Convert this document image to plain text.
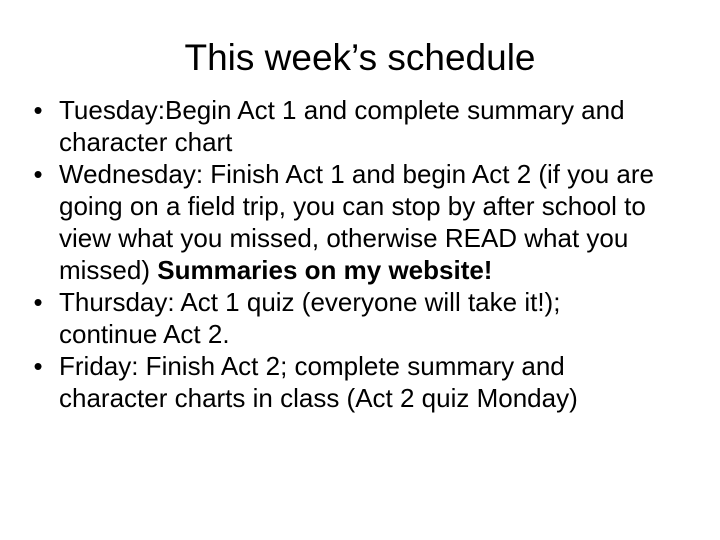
This week’s schedule
• Tuesday:Begin Act 1 and complete summary and character chart
• Wednesday: Finish Act 1 and begin Act 2 (if you are going on a field trip, you can stop by after school to view what you missed, otherwise READ what you missed) Summaries on my website!
• Thursday: Act 1 quiz (everyone will take it!); continue Act 2.
• Friday: Finish Act 2; complete summary and character charts in class (Act 2 quiz Monday)
